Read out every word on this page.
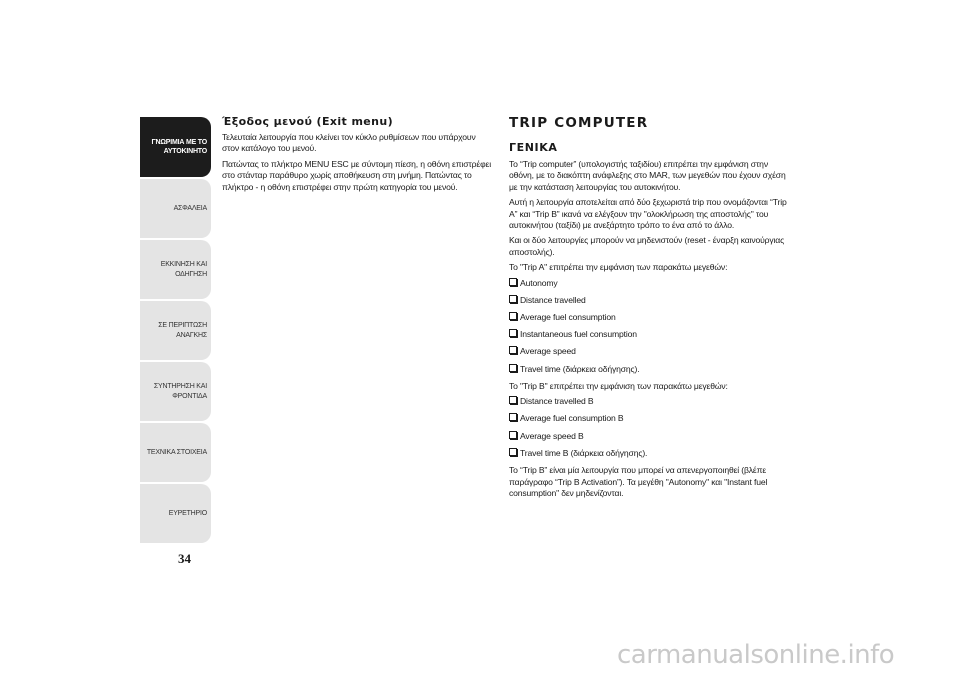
ΓΝΩΡΙΜΙΑ ΜΕ ΤΟ
ΑΥΤΟΚΙΝΗΤΟ
ΑΣΦΑΛΕΙΑ
ΕΚΚΙΝΗΣΗ ΚΑΙ
ΟΔΗΓΗΣΗ
ΣΕ ΠΕΡΙΠΤΩΣΗ
ΑΝΑΓΚΗΣ
ΣΥΝΤΗΡΗΣΗ ΚΑΙ
ΦΡΟΝΤΙΔΑ
ΤΕΧΝΙΚΑ ΣΤΟΙΧΕΙΑ
ΕΥΡΕΤΗΡΙΟ
34
Έξοδος μενού (Exit menu)

Τελευταία λειτουργία που κλείνει τον κύκλο ρυθμίσεων που υπάρχουν στον κατάλογο του μενού.

Πατώντας το πλήκτρο MENU ESC με σύντομη πίεση, η οθόνη επιστρέφει στο στάνταρ παράθυρο χωρίς αποθήκευση στη μνήμη. Πατώντας το πλήκτρο - η οθόνη επιστρέφει στην πρώτη κατηγορία του μενού.

TRIP COMPUTER
ΓΕΝΙΚΑ

Το “Trip computer” (υπολογιστής ταξιδίου) επιτρέπει την εμφάνιση στην οθόνη, με το διακόπτη ανάφλεξης στο MAR, των μεγεθών που έχουν σχέση με την κατάσταση λειτουργίας του αυτοκινήτου.

Αυτή η λειτουργία αποτελείται από δύο ξεχωριστά trip που ονομάζονται “Trip A” και “Trip B” ικανά να ελέγξουν την "ολοκλήρωση της αποστολής" του αυτοκινήτου (ταξίδι) με ανεξάρτητο τρόπο το ένα από το άλλο.

Και οι δύο λειτουργίες μπορούν να μηδενιστούν (reset - έναρξη καινούργιας αποστολής).

Το "Trip A" επιτρέπει την εμφάνιση των παρακάτω μεγεθών:

Autonomy
Distance travelled
Average fuel consumption
Instantaneous fuel consumption
Average speed
Travel time (διάρκεια οδήγησης).

Το "Trip B" επιτρέπει την εμφάνιση των παρακάτω μεγεθών:

Distance travelled B
Average fuel consumption B
Average speed B
Travel time B (διάρκεια οδήγησης).

Το “Trip B” είναι μία λειτουργία που μπορεί να απενεργοποιηθεί (βλέπε παράγραφο “Trip B Activation”). Τα μεγέθη "Autonomy" και "Instant fuel consumption" δεν μηδενίζονται.

carmanualsonline.info
